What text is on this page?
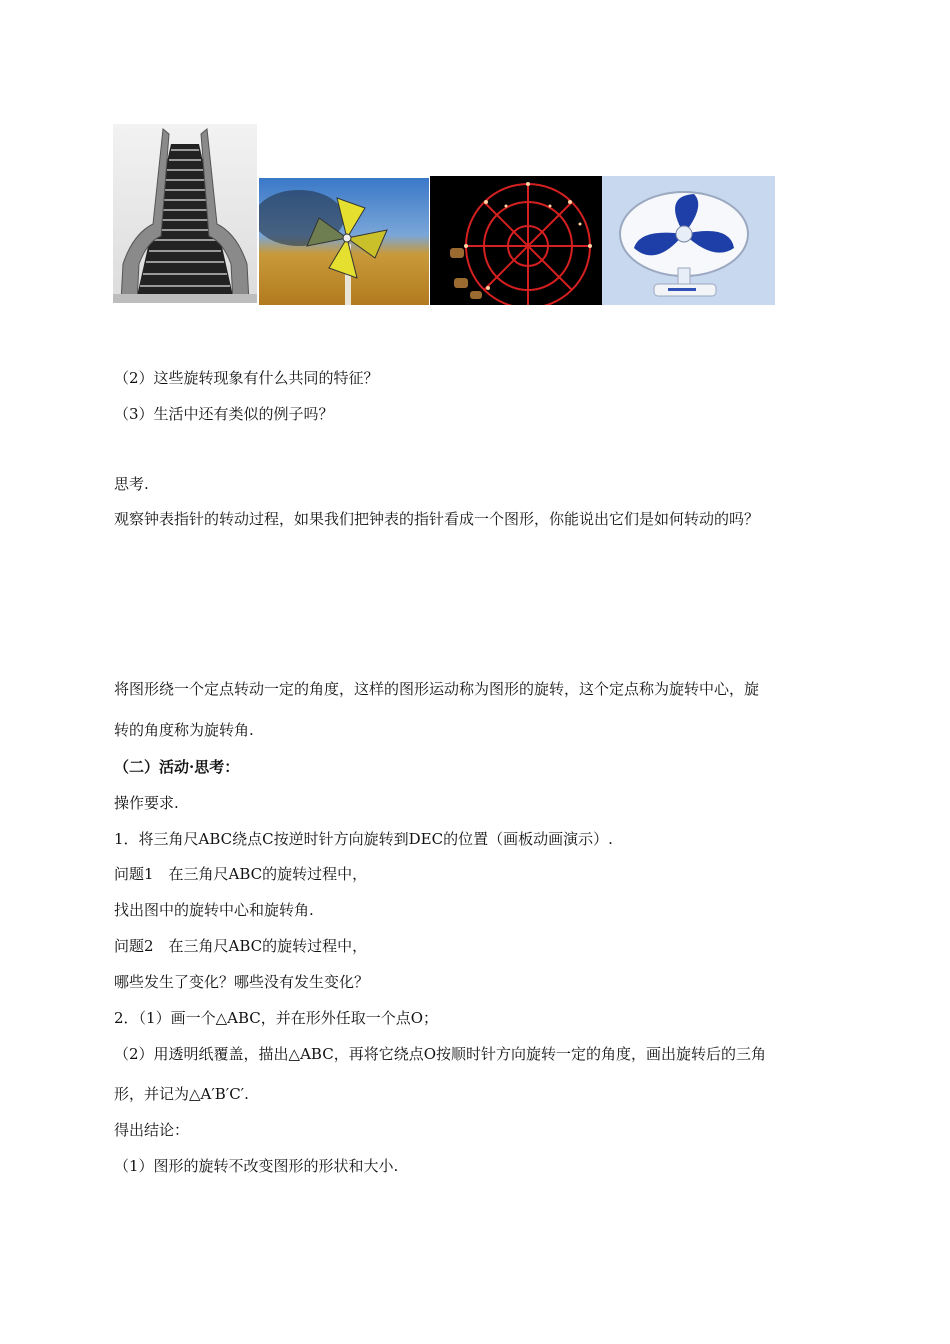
（2）这些旋转现象有什么共同的特征？
（3）生活中还有类似的例子吗？
思考.
观察钟表指针的转动过程，如果我们把钟表的指针看成一个图形，你能说出它们是如何转动的吗？
将图形绕一个定点转动一定的角度，这样的图形运动称为图形的旋转，这个定点称为旋转中心，旋
转的角度称为旋转角.
（二）活动·思考：
操作要求.
1．将三角尺ABC绕点C按逆时针方向旋转到DEC的位置（画板动画演示）.
问题1　在三角尺ABC的旋转过程中，
找出图中的旋转中心和旋转角.
问题2　在三角尺ABC的旋转过程中，
哪些发生了变化？哪些没有发生变化？
2．（1）画一个△ABC，并在形外任取一个点O；
（2）用透明纸覆盖，描出△ABC，再将它绕点O按顺时针方向旋转一定的角度，画出旋转后的三角
形，并记为△A′B′C′.
得出结论：
（1）图形的旋转不改变图形的形状和大小.
